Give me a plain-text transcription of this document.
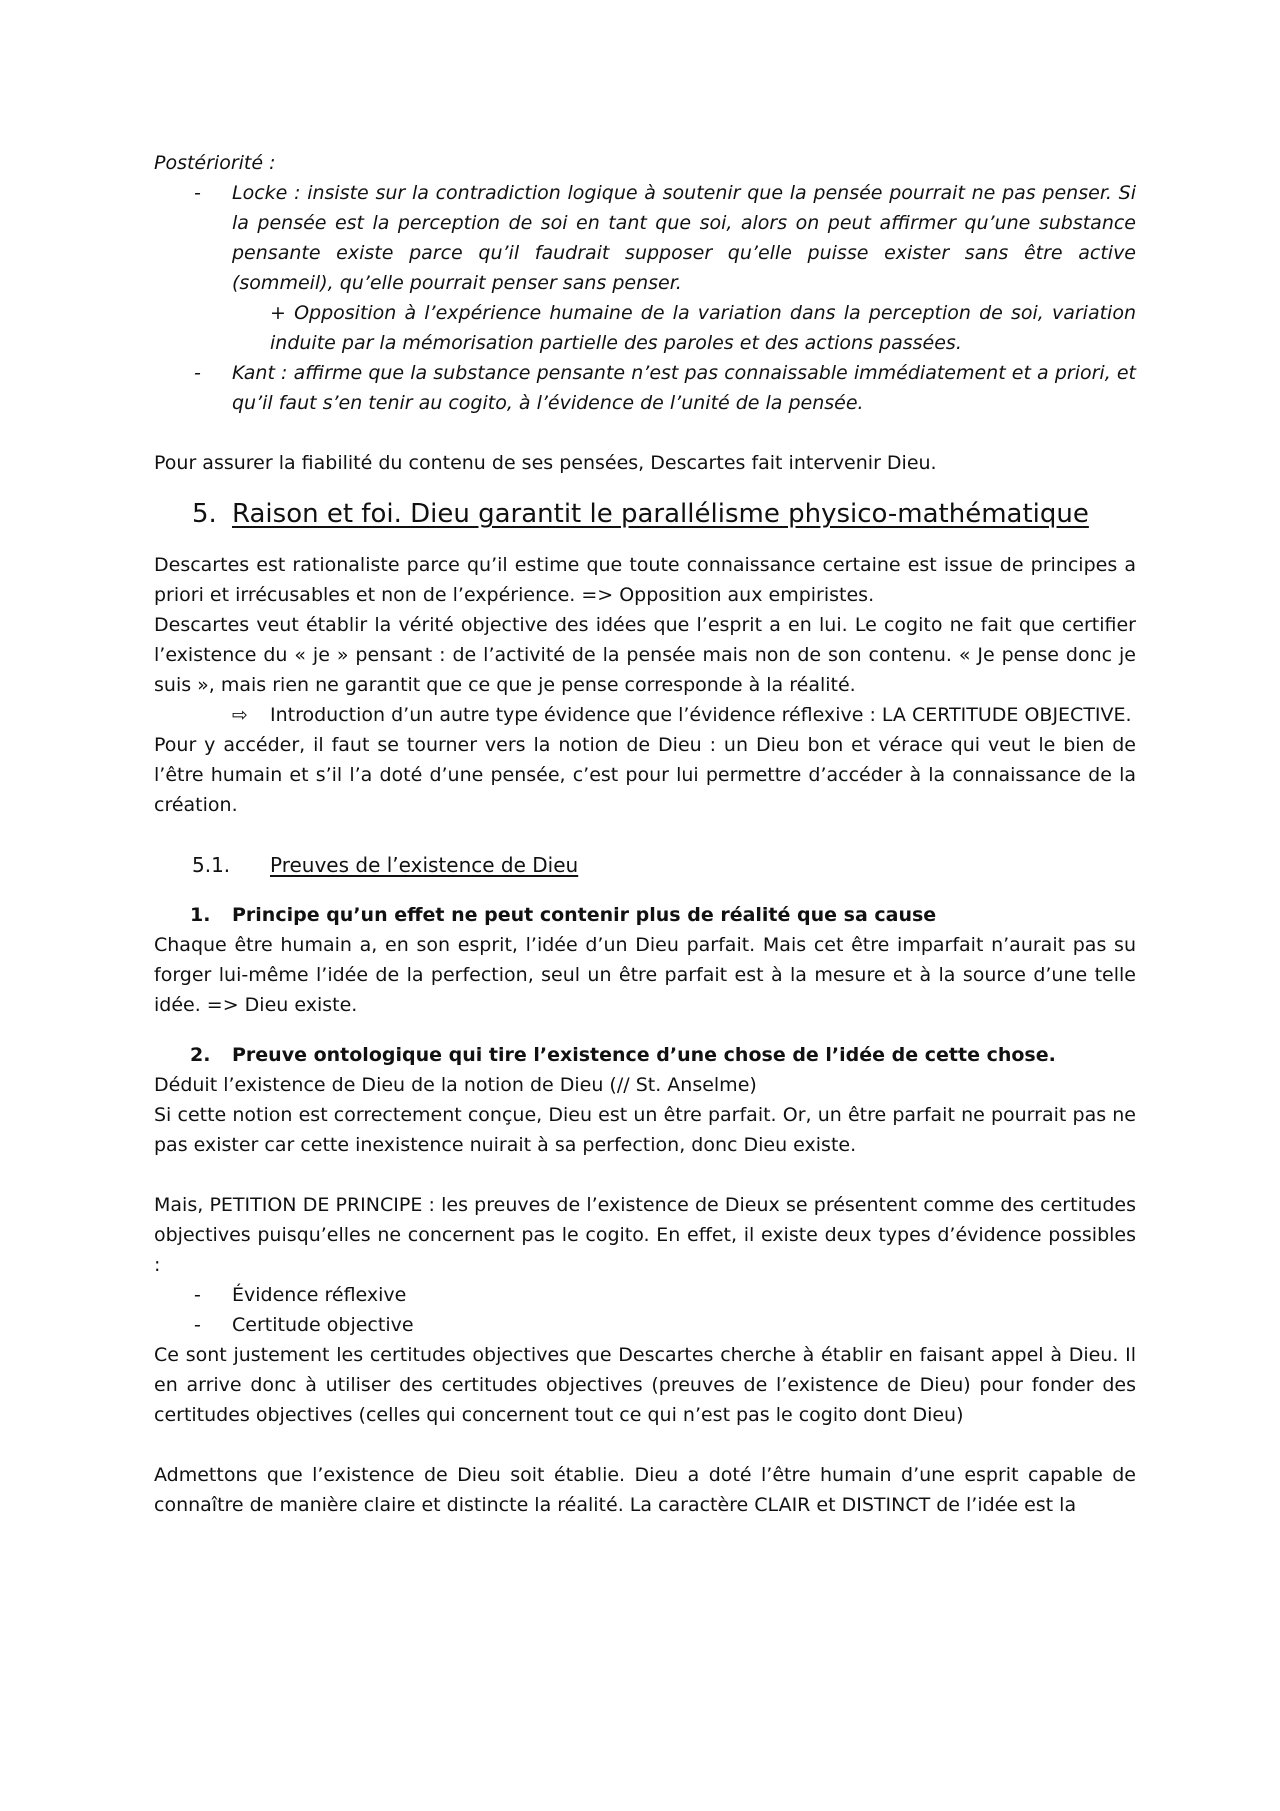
Postériorité :

- Locke : insiste sur la contradiction logique à soutenir que la pensée pourrait ne pas penser. Si la pensée est la perception de soi en tant que soi, alors on peut affirmer qu’une substance pensante existe parce qu’il faudrait supposer qu’elle puisse exister sans être active (sommeil), qu’elle pourrait penser sans penser.

+ Opposition à l’expérience humaine de la variation dans la perception de soi, variation induite par la mémorisation partielle des paroles et des actions passées.

- Kant : affirme que la substance pensante n’est pas connaissable immédiatement et a priori, et qu’il faut s’en tenir au cogito, à l’évidence de l’unité de la pensée.

Pour assurer la fiabilité du contenu de ses pensées, Descartes fait intervenir Dieu.

5. Raison et foi. Dieu garantit le parallélisme physico-mathématique

Descartes est rationaliste parce qu’il estime que toute connaissance certaine est issue de principes a priori et irrécusables et non de l’expérience. => Opposition aux empiristes.

Descartes veut établir la vérité objective des idées que l’esprit a en lui. Le cogito ne fait que certifier l’existence du « je » pensant : de l’activité de la pensée mais non de son contenu. « Je pense donc je suis », mais rien ne garantit que ce que je pense corresponde à la réalité.

⇨ Introduction d’un autre type évidence que l’évidence réflexive : LA CERTITUDE OBJECTIVE.

Pour y accéder, il faut se tourner vers la notion de Dieu : un Dieu bon et véracе qui veut le bien de l’être humain et s’il l’a doté d’une pensée, c’est pour lui permettre d’accéder à la connaissance de la création.

5.1. Preuves de l’existence de Dieu
1. Principe qu’un effet ne peut contenir plus de réalité que sa cause

Chaque être humain a, en son esprit, l’idée d’un Dieu parfait. Mais cet être imparfait n’aurait pas su forger lui-même l’idée de la perfection, seul un être parfait est à la mesure et à la source d’une telle idée. => Dieu existe.

2. Preuve ontologique qui tire l’existence d’une chose de l’idée de cette chose.

Déduit l’existence de Dieu de la notion de Dieu (// St. Anselme)

Si cette notion est correctement conçue, Dieu est un être parfait. Or, un être parfait ne pourrait pas ne pas exister car cette inexistence nuirait à sa perfection, donc Dieu existe.

Mais, PETITION DE PRINCIPE : les preuves de l’existence de Dieux se présentent comme des certitudes objectives puisqu’elles ne concernent pas le cogito. En effet, il existe deux types d’évidence possibles :

- Évidence réflexive
- Certitude objective

Ce sont justement les certitudes objectives que Descartes cherche à établir en faisant appel à Dieu. Il en arrive donc à utiliser des certitudes objectives (preuves de l’existence de Dieu) pour fonder des certitudes objectives (celles qui concernent tout ce qui n’est pas le cogito dont Dieu)

Admettons que l’existence de Dieu soit établie. Dieu a doté l’être humain d’une esprit capable de connaître de manière claire et distincte la réalité. La caractère CLAIR et DISTINCT de l’idée est la
